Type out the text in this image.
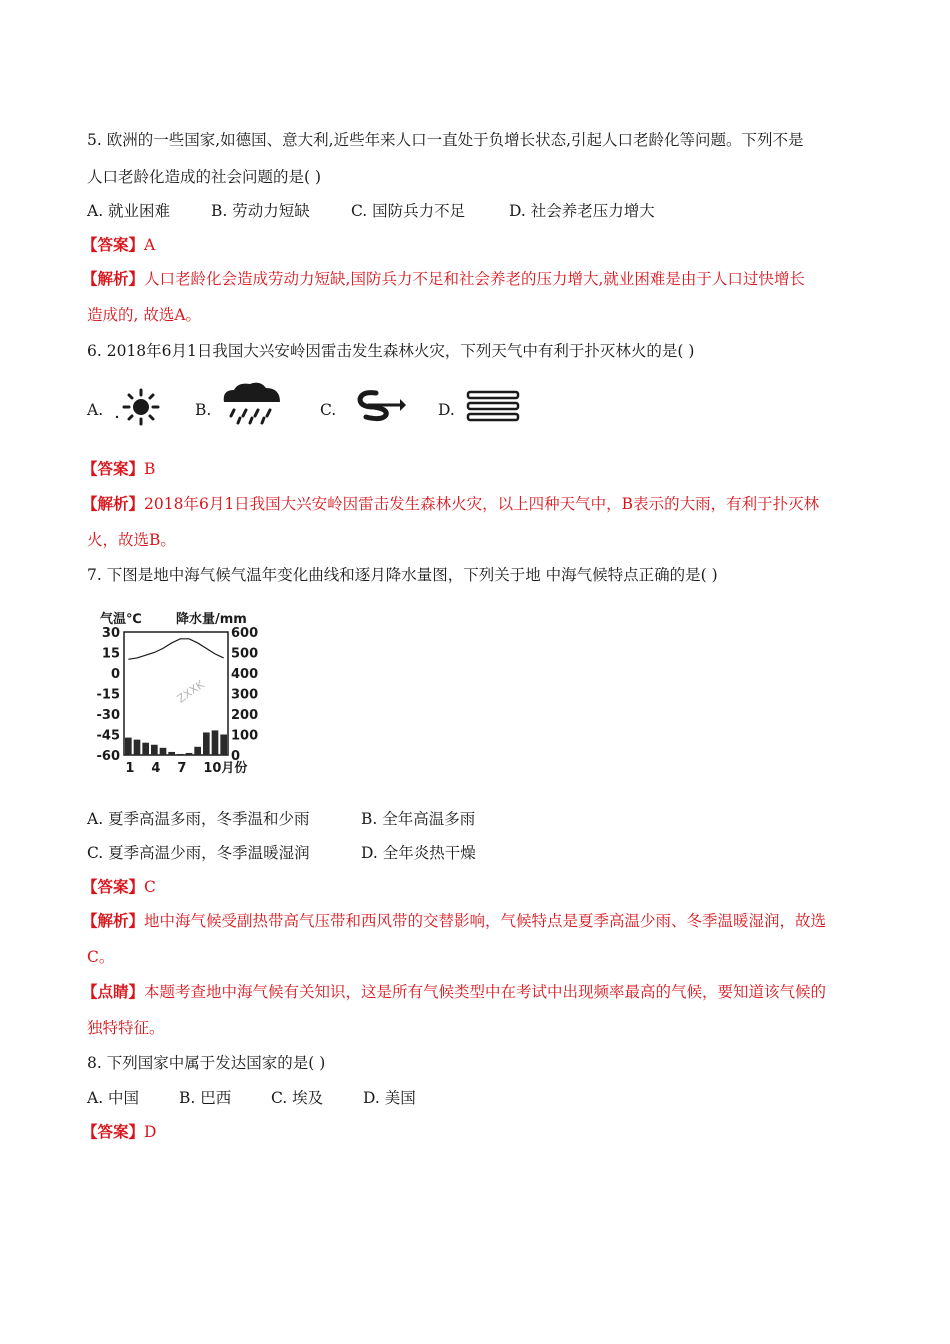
5. 欧洲的一些国家,如德国、意大利,近些年来人口一直处于负增长状态,引起人口老龄化等问题。下列不是
人口老龄化造成的社会问题的是( )
A. 就业困难	B. 劳动力短缺	C. 国防兵力不足	D. 社会养老压力增大
【答案】A
【解析】人口老龄化会造成劳动力短缺,国防兵力不足和社会养老的压力增大,就业困难是由于人口过快增长
造成的, 故选A。
6. 2018年6月1日我国大兴安岭因雷击发生森林火灾，下列天气中有利于扑灭林火的是( )
A.	B.	C.	D.
【答案】B
【解析】2018年6月1日我国大兴安岭因雷击发生森林火灾，以上四种天气中，B表示的大雨，有利于扑灭林
火，故选B。
7. 下图是地中海气候气温年变化曲线和逐月降水量图，下列关于地 中海气候特点正确的是( )
气温℃	降水量/mm
30
15
0
-15
-30
-45
-60
600
500
400
300
200
100
0
1 4 7 10月份
ZXXK
A. 夏季高温多雨，冬季温和少雨	B. 全年高温多雨
C. 夏季高温少雨，冬季温暖湿润	D. 全年炎热干燥
【答案】C
【解析】地中海气候受副热带高气压带和西风带的交替影响，气候特点是夏季高温少雨、冬季温暖湿润，故选
C。
【点睛】本题考查地中海气候有关知识，这是所有气候类型中在考试中出现频率最高的气候，要知道该气候的
独特特征。
8. 下列国家中属于发达国家的是( )
A. 中国	B. 巴西	C. 埃及	D. 美国
【答案】D
